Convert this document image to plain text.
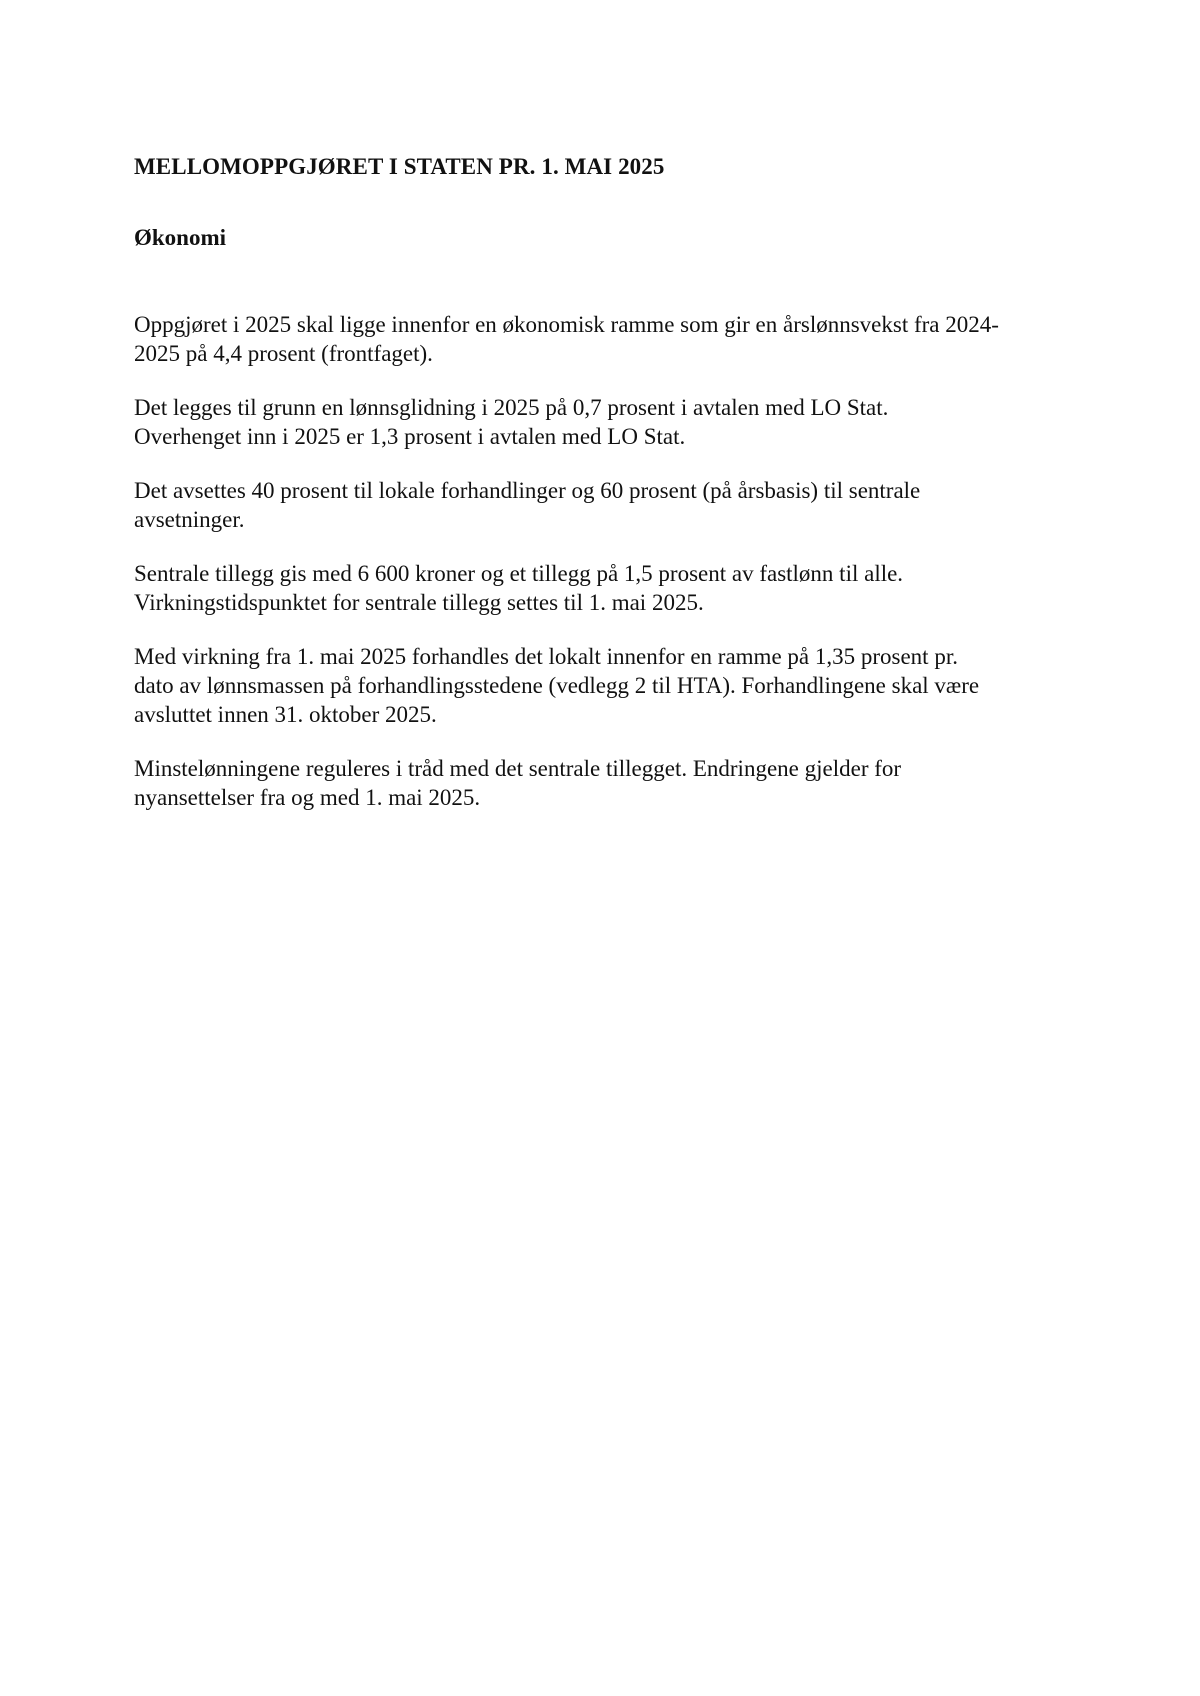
MELLOMOPPGJØRET I STATEN PR. 1. MAI 2025
Økonomi

Oppgjøret i 2025 skal ligge innenfor en økonomisk ramme som gir en årslønnsvekst fra 2024-
2025 på 4,4 prosent (frontfaget).

Det legges til grunn en lønnsglidning i 2025 på 0,7 prosent i avtalen med LO Stat.
Overhenget inn i 2025 er 1,3 prosent i avtalen med LO Stat.

Det avsettes 40 prosent til lokale forhandlinger og 60 prosent (på årsbasis) til sentrale
avsetninger.

Sentrale tillegg gis med 6 600 kroner og et tillegg på 1,5 prosent av fastlønn til alle.
Virkningstidspunktet for sentrale tillegg settes til 1. mai 2025.

Med virkning fra 1. mai 2025 forhandles det lokalt innenfor en ramme på 1,35 prosent pr.
dato av lønnsmassen på forhandlingsstedene (vedlegg 2 til HTA). Forhandlingene skal være
avsluttet innen 31. oktober 2025.

Minstelønningene reguleres i tråd med det sentrale tillegget. Endringene gjelder for
nyansettelser fra og med 1. mai 2025.
